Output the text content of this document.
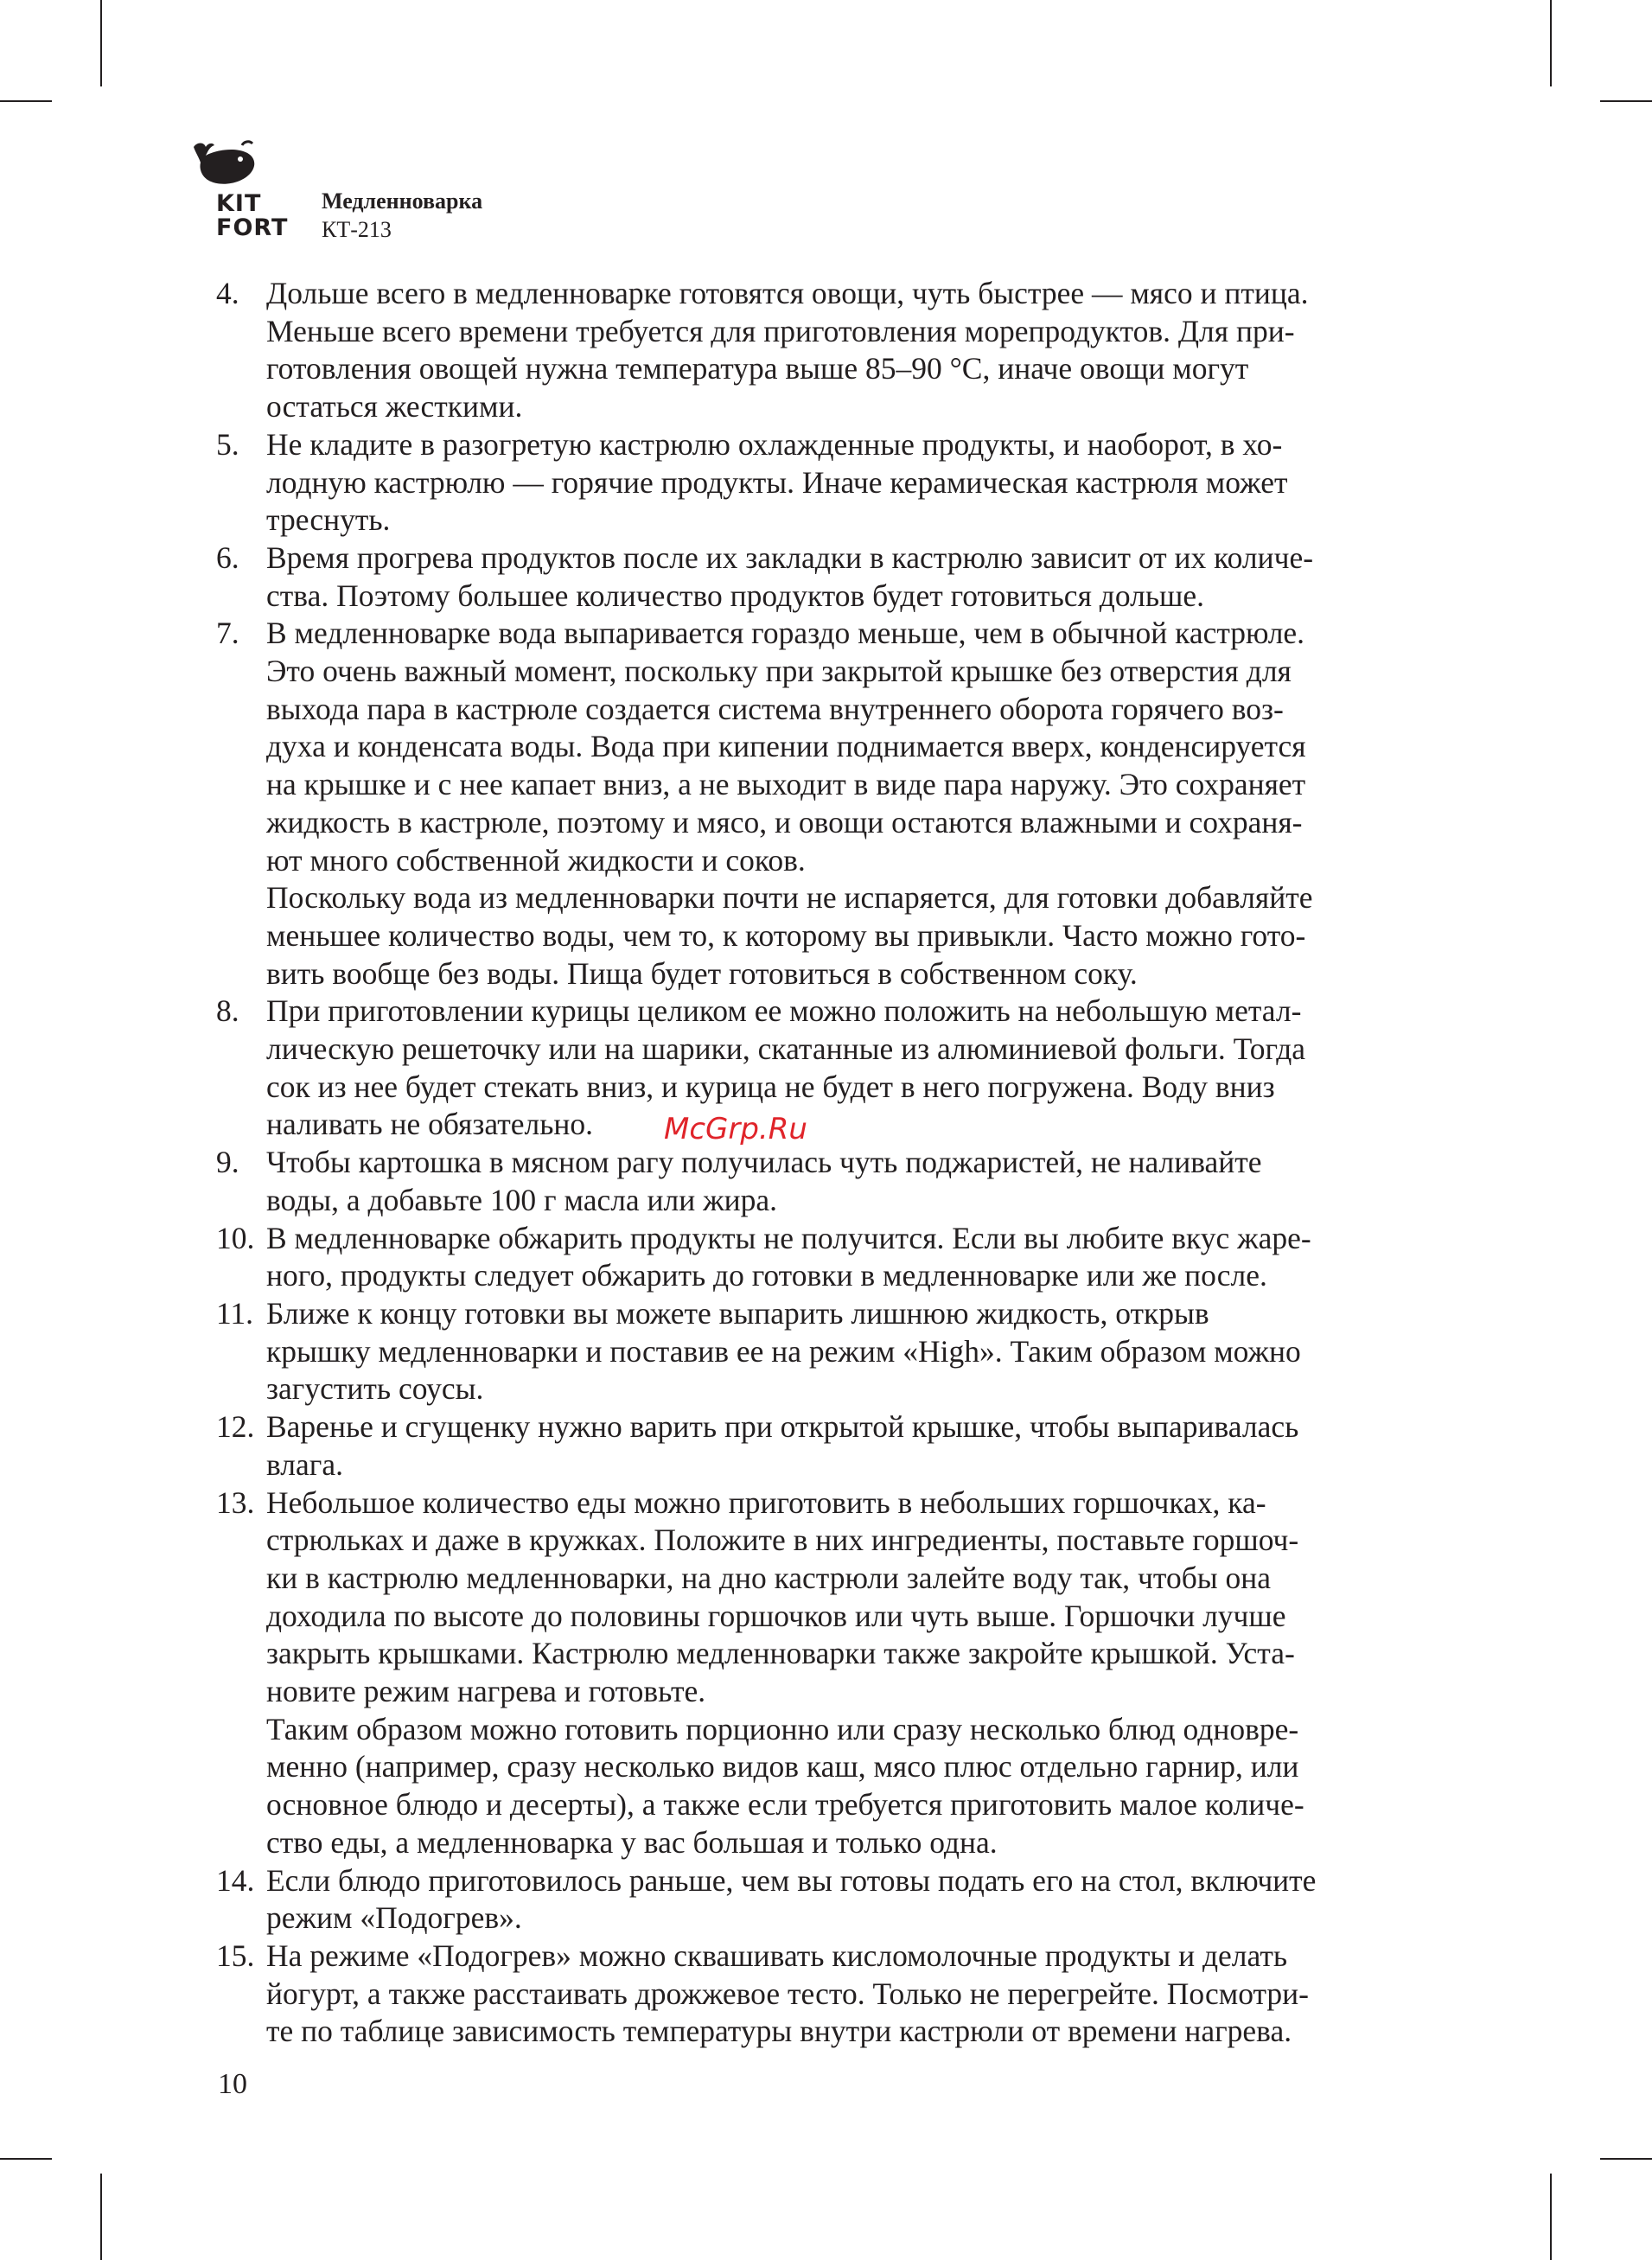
KIT
FORT
Медленноварка
КТ-213
4. Дольше всего в медленноварке готовятся овощи, чуть быстрее — мясо и птица.
Меньше всего времени требуется для приготовления морепродуктов. Для при-
готовления овощей нужна температура выше 85–90 °С, иначе овощи могут
остаться жесткими.
5. Не кладите в разогретую кастрюлю охлажденные продукты, и наоборот, в хо-
лодную кастрюлю — горячие продукты. Иначе керамическая кастрюля может
треснуть.
6. Время прогрева продуктов после их закладки в кастрюлю зависит от их количе-
ства. Поэтому большее количество продуктов будет готовиться дольше.
7. В медленноварке вода выпаривается гораздо меньше, чем в обычной кастрюле.
Это очень важный момент, поскольку при закрытой крышке без отверстия для
выхода пара в кастрюле создается система внутреннего оборота горячего воз-
духа и конденсата воды. Вода при кипении поднимается вверх, конденсируется
на крышке и с нее капает вниз, а не выходит в виде пара наружу. Это сохраняет
жидкость в кастрюле, поэтому и мясо, и овощи остаются влажными и сохраня-
ют много собственной жидкости и соков.
Поскольку вода из медленноварки почти не испаряется, для готовки добавляйте
меньшее количество воды, чем то, к которому вы привыкли. Часто можно гото-
вить вообще без воды. Пища будет готовиться в собственном соку.
8. При приготовлении курицы целиком ее можно положить на небольшую метал-
лическую решеточку или на шарики, скатанные из алюминиевой фольги. Тогда
сок из нее будет стекать вниз, и курица не будет в него погружена. Воду вниз
наливать не обязательно.
9. Чтобы картошка в мясном рагу получилась чуть поджаристей, не наливайте
воды, а добавьте 100 г масла или жира.
10. В медленноварке обжарить продукты не получится. Если вы любите вкус жаре-
ного, продукты следует обжарить до готовки в медленноварке или же после.
11. Ближе к концу готовки вы можете выпарить лишнюю жидкость, открыв
крышку медленноварки и поставив ее на режим «High». Таким образом можно
загустить соусы.
12. Варенье и сгущенку нужно варить при открытой крышке, чтобы выпаривалась
влага.
13. Небольшое количество еды можно приготовить в небольших горшочках, ка-
стрюльках и даже в кружках. Положите в них ингредиенты, поставьте горшоч-
ки в кастрюлю медленноварки, на дно кастрюли залейте воду так, чтобы она
доходила по высоте до половины горшочков или чуть выше. Горшочки лучше
закрыть крышками. Кастрюлю медленноварки также закройте крышкой. Уста-
новите режим нагрева и готовьте.
Таким образом можно готовить порционно или сразу несколько блюд одновре-
менно (например, сразу несколько видов каш, мясо плюс отдельно гарнир, или
основное блюдо и десерты), а также если требуется приготовить малое количе-
ство еды, а медленноварка у вас большая и только одна.
14. Если блюдо приготовилось раньше, чем вы готовы подать его на стол, включите
режим «Подогрев».
15. На режиме «Подогрев» можно сквашивать кисломолочные продукты и делать
йогурт, а также расстаивать дрожжевое тесто. Только не перегрейте. Посмотри-
те по таблице зависимость температуры внутри кастрюли от времени нагрева.
McGrp.Ru
10
